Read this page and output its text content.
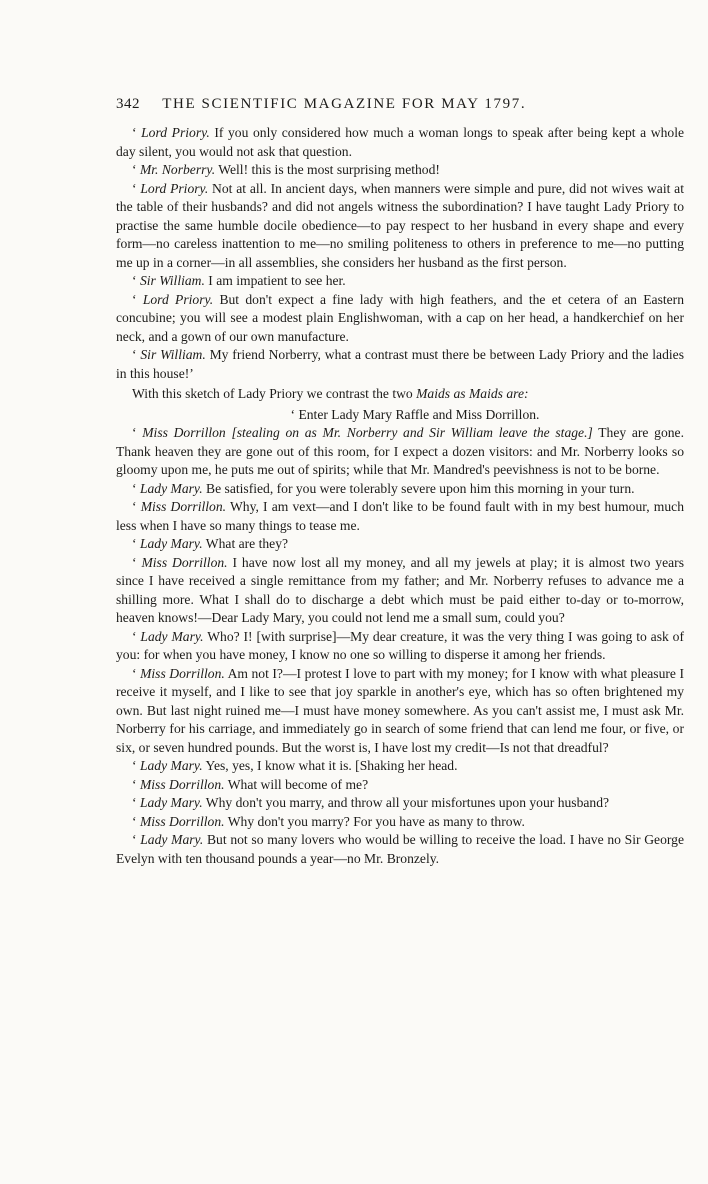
342 THE SCIENTIFIC MAGAZINE FOR MAY 1797.

‘ Lord Priory. If you only considered how much a woman longs to speak after being kept a whole day silent, you would not ask that question.

‘ Mr. Norberry. Well! this is the most surprising method!

‘ Lord Priory. Not at all. In ancient days, when manners were simple and pure, did not wives wait at the table of their husbands? and did not angels witness the subordination? I have taught Lady Priory to practise the same humble docile obedience—to pay respect to her husband in every shape and every form—no careless inattention to me—no smiling politeness to others in preference to me—no putting me up in a corner—in all assemblies, she considers her husband as the first person.

‘ Sir William. I am impatient to see her.

‘ Lord Priory. But don't expect a fine lady with high feathers, and the et cetera of an Eastern concubine; you will see a modest plain Englishwoman, with a cap on her head, a handkerchief on her neck, and a gown of our own manufacture.

‘ Sir William. My friend Norberry, what a contrast must there be between Lady Priory and the ladies in this house!’

With this sketch of Lady Priory we contrast the two Maids as Maids are:

‘ Enter Lady Mary Raffle and Miss Dorrillon.

‘ Miss Dorrillon [stealing on as Mr. Norberry and Sir William leave the stage.] They are gone. Thank heaven they are gone out of this room, for I expect a dozen visitors: and Mr. Norberry looks so gloomy upon me, he puts me out of spirits; while that Mr. Mandred's peevishness is not to be borne.

‘ Lady Mary. Be satisfied, for you were tolerably severe upon him this morning in your turn.

‘ Miss Dorrillon. Why, I am vext—and I don't like to be found fault with in my best humour, much less when I have so many things to tease me.

‘ Lady Mary. What are they?

‘ Miss Dorrillon. I have now lost all my money, and all my jewels at play; it is almost two years since I have received a single remittance from my father; and Mr. Norberry refuses to advance me a shilling more. What I shall do to discharge a debt which must be paid either to-day or to-morrow, heaven knows!—Dear Lady Mary, you could not lend me a small sum, could you?

‘ Lady Mary. Who? I! [with surprise]—My dear creature, it was the very thing I was going to ask of you: for when you have money, I know no one so willing to disperse it among her friends.

‘ Miss Dorrillon. Am not I?—I protest I love to part with my money; for I know with what pleasure I receive it myself, and I like to see that joy sparkle in another's eye, which has so often brightened my own. But last night ruined me—I must have money somewhere. As you can't assist me, I must ask Mr. Norberry for his carriage, and immediately go in search of some friend that can lend me four, or five, or six, or seven hundred pounds. But the worst is, I have lost my credit—Is not that dreadful?

‘ Lady Mary. Yes, yes, I know what it is. [Shaking her head.

‘ Miss Dorrillon. What will become of me?

‘ Lady Mary. Why don't you marry, and throw all your misfortunes upon your husband?

‘ Miss Dorrillon. Why don't you marry? For you have as many to throw.

‘ Lady Mary. But not so many lovers who would be willing to receive the load. I have no Sir George Evelyn with ten thousand pounds a year—no Mr. Bronzely.
